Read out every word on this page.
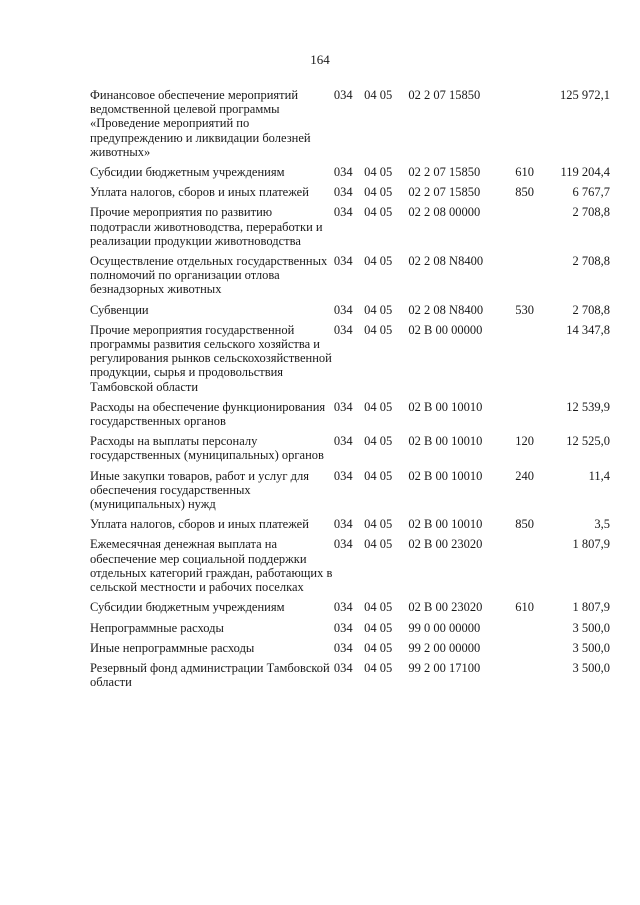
164
Финансовое обеспечение мероприятий ведомственной целевой программы «Проведение мероприятий по предупреждению и ликвидации болезней животных»	034	04 05	02 2 07 15850		125 972,1
Субсидии бюджетным учреждениям	034	04 05	02 2 07 15850	610	119 204,4
Уплата налогов, сборов и иных платежей	034	04 05	02 2 07 15850	850	6 767,7
Прочие мероприятия по развитию подотрасли животноводства, переработки и реализации продукции животноводства	034	04 05	02 2 08 00000		2 708,8
Осуществление отдельных государственных полномочий по организации отлова безнадзорных животных	034	04 05	02 2 08 N8400		2 708,8
Субвенции	034	04 05	02 2 08 N8400	530	2 708,8
Прочие мероприятия государственной программы развития сельского хозяйства и регулирования рынков сельскохозяйственной продукции, сырья и продовольствия Тамбовской области	034	04 05	02 В 00 00000		14 347,8
Расходы на обеспечение функционирования государственных органов	034	04 05	02 В 00 10010		12 539,9
Расходы на выплаты персоналу государственных (муниципальных) органов	034	04 05	02 В 00 10010	120	12 525,0
Иные закупки товаров, работ и услуг для обеспечения государственных (муниципальных) нужд	034	04 05	02 В 00 10010	240	11,4
Уплата налогов, сборов и иных платежей	034	04 05	02 В 00 10010	850	3,5
Ежемесячная денежная выплата на обеспечение мер социальной поддержки отдельных категорий граждан, работающих в сельской местности и рабочих поселках	034	04 05	02 В 00 23020		1 807,9
Субсидии бюджетным учреждениям	034	04 05	02 В 00 23020	610	1 807,9
Непрограммные расходы	034	04 05	99 0 00 00000		3 500,0
Иные непрограммные расходы	034	04 05	99 2 00 00000		3 500,0
Резервный фонд администрации Тамбовской области	034	04 05	99 2 00 17100		3 500,0
